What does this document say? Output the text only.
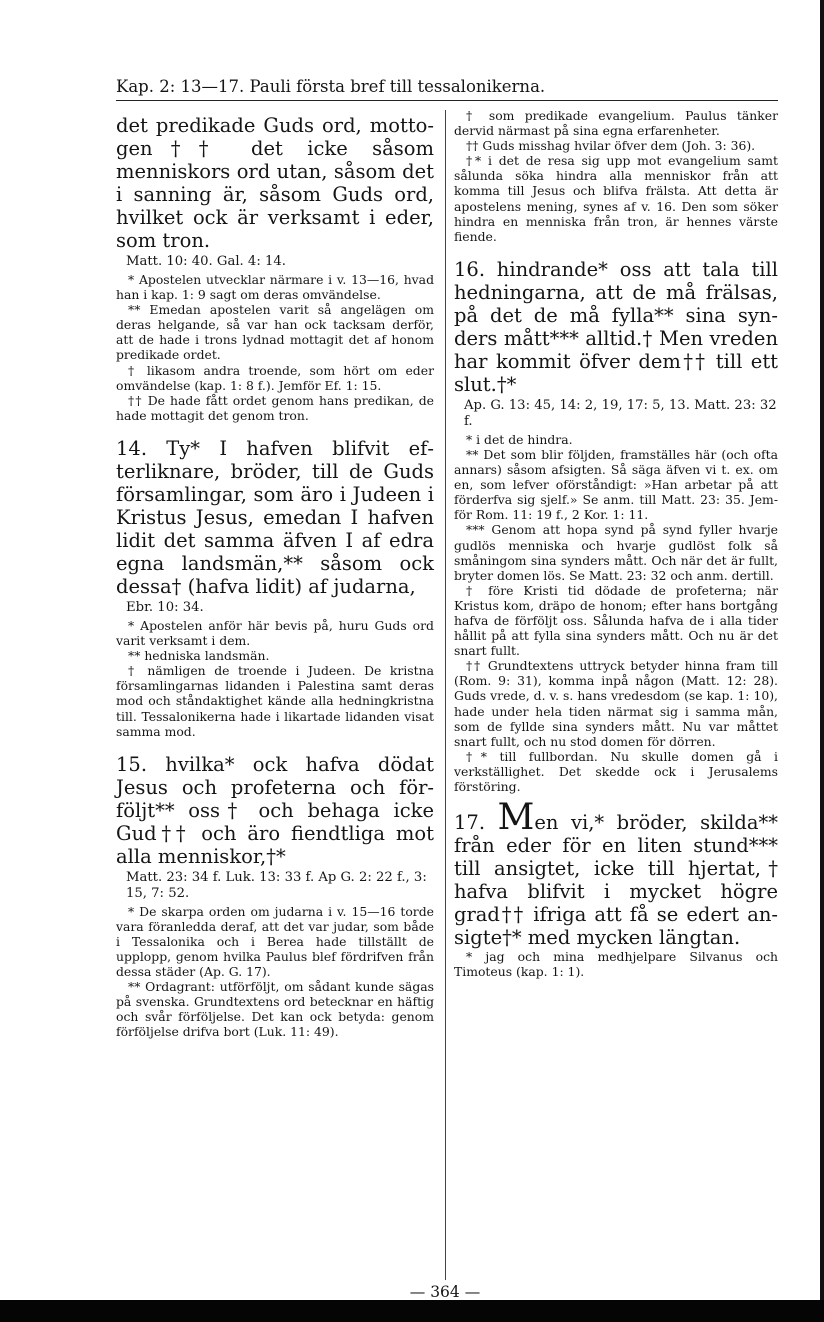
Kap. 2: 13—17. Pauli första bref till tessalonikerna.

det predikade Guds ord, mottogen†† det icke såsom menniskors ord utan, såsom det i sanning är, såsom Guds ord, hvilket ock är verksamt i eder, som tron.

Matt. 10: 40. Gal. 4: 14.

* Apostelen utvecklar närmare i v. 13—16, hvad han i kap. 1: 9 sagt om deras omvändelse.

** Emedan apostelen varit så angelägen om deras helgande, så var han ock tacksam derför, att de hade i trons lydnad mottagit det af honom predikade ordet.

† likasom andra troende, som hört om eder omvändelse (kap. 1: 8 f.). Jemför Ef. 1: 15.

†† De hade fått ordet genom hans predikan, de hade mottagit det genom tron.

14. Ty* I hafven blifvit efterliknare, bröder, till de Guds församlingar, som äro i Judeen i Kristus Jesus, emedan I hafven lidit det samma äfven I af edra egna landsmän,** såsom ock dessa† (hafva lidit) af judarna,

Ebr. 10: 34.

* Apostelen anför här bevis på, huru Guds ord varit verksamt i dem.

** hedniska landsmän.

† nämligen de troende i Judeen. De kristna församlingarnas lidanden i Palestina samt deras mod och ståndaktighet kände alla hedningkristna till. Tessalonikerna hade i likartade lidanden visat samma mod.

15. hvilka* ock hafva dödat Jesus och profeterna och förföljt** oss† och behaga icke Gud†† och äro fiendtliga mot alla menniskor,†*

Matt. 23: 34 f. Luk. 13: 33 f. Ap G. 2: 22 f., 3: 15, 7: 52.

* De skarpa orden om judarna i v. 15—16 torde vara föranledda deraf, att det var judar, som både i Tessalonika och i Berea hade tillställt de upplopp, genom hvilka Paulus blef fördrifven från dessa städer (Ap. G. 17).

** Ordagrant: utförföljt, om sådant kunde sägas på svenska. Grundtextens ord betecknar en häftig och svår förföljelse. Det kan ock betyda: genom förföljelse drifva bort (Luk. 11: 49).

† som predikade evangelium. Paulus tänker dervid närmast på sina egna erfarenheter.

†† Guds misshag hvilar öfver dem (Joh. 3: 36).

†* i det de resa sig upp mot evangelium samt sålunda söka hindra alla menniskor från att komma till Jesus och blifva frälsta. Att detta är apostelens mening, synes af v. 16. Den som söker hindra en menniska från tron, är hennes värste fiende.

16. hindrande* oss att tala till hedningarna, att de må frälsas, på det de må fylla** sina synders mått*** alltid.† Men vreden har kommit öfver dem†† till ett slut.†*

Ap. G. 13: 45, 14: 2, 19, 17: 5, 13. Matt. 23: 32 f.

* i det de hindra.

** Det som blir följden, framställes här (och ofta annars) såsom afsigten. Så säga äfven vi t. ex. om en, som lefver oförståndigt: »Han arbetar på att förderfva sig sjelf.» Se anm. till Matt. 23: 35. Jemför Rom. 11: 19 f., 2 Kor. 1: 11.

*** Genom att hopa synd på synd fyller hvarje gudlös menniska och hvarje gudlöst folk så småningom sina synders mått. Och när det är fullt, bryter domen lös. Se Matt. 23: 32 och anm. dertill.

† före Kristi tid dödade de profeterna; när Kristus kom, dräpo de honom; efter hans bortgång hafva de förföljt oss. Sålunda hafva de i alla tider hållit på att fylla sina synders mått. Och nu är det snart fullt.

†† Grundtextens uttryck betyder hinna fram till (Rom. 9: 31), komma inpå någon (Matt. 12: 28). Guds vrede, d. v. s. hans vredesdom (se kap. 1: 10), hade under hela tiden närmat sig i samma mån, som de fyllde sina synders mått. Nu var måttet snart fullt, och nu stod domen för dörren.

†* till fullbordan. Nu skulle domen gå i verkställighet. Det skedde ock i Jerusalems förstöring.

17. Men vi,* bröder, skilda** från eder för en liten stund*** till ansigtet, icke till hjertat,† hafva blifvit i mycket högre grad†† ifriga att få se edert ansigte†* med mycken längtan.

* jag och mina medhjelpare Silvanus och Timoteus (kap. 1: 1).

— 364 —
